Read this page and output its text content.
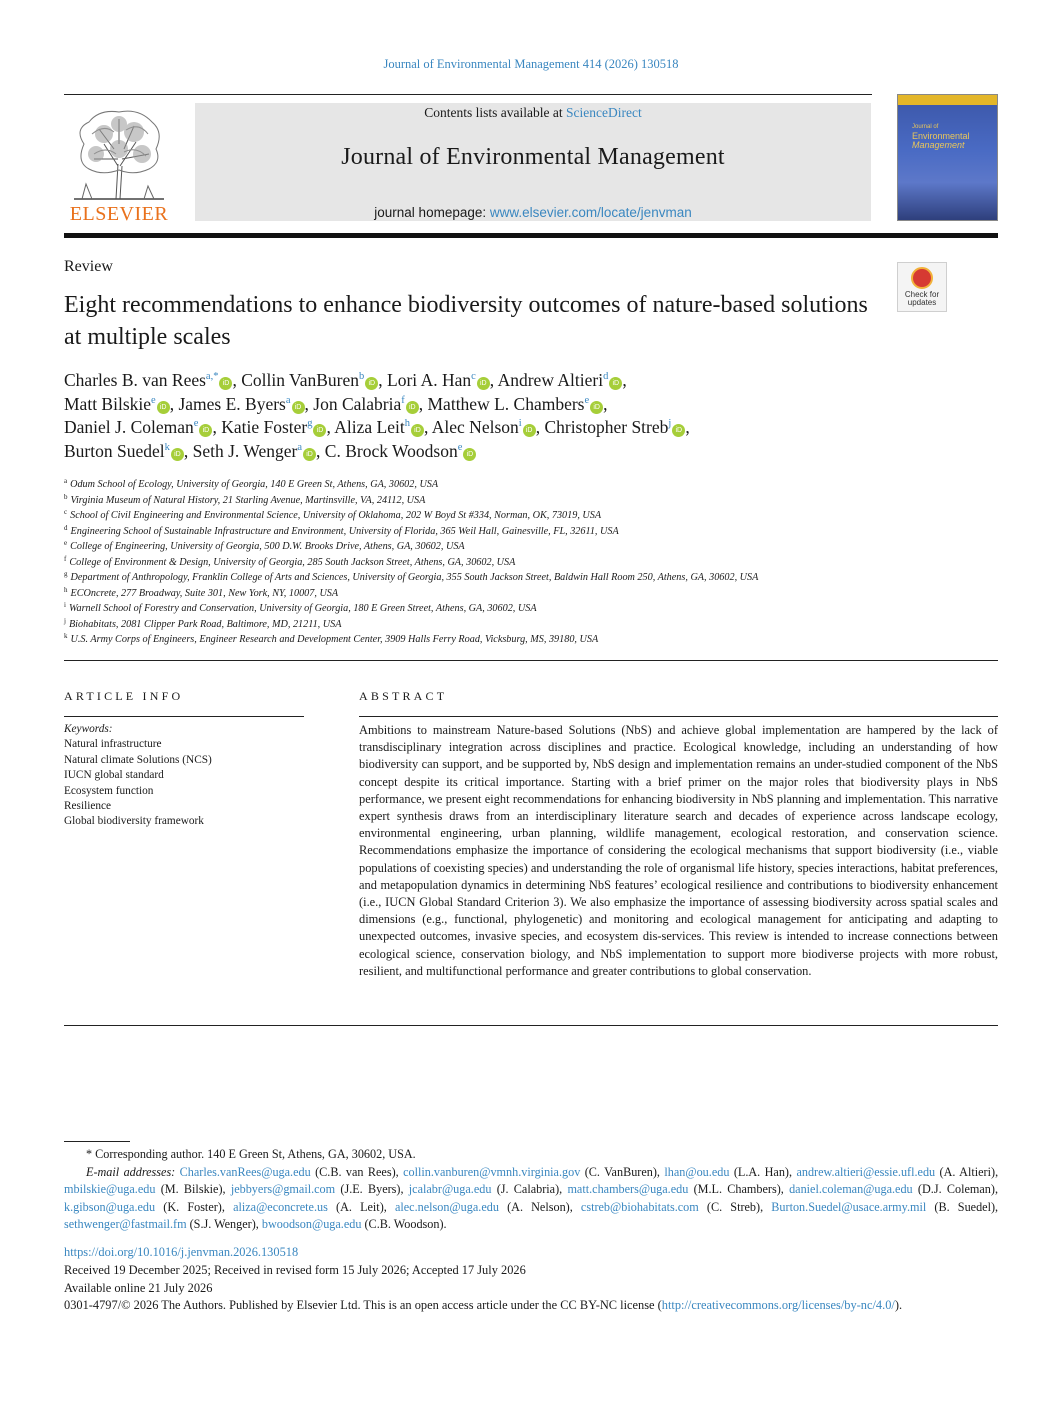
Journal of Environmental Management 414 (2026) 130518
ELSEVIER
Contents lists available at ScienceDirect
Journal of Environmental Management
journal homepage: www.elsevier.com/locate/jenvman
Journal of
Environmental
Management
Review
Check for
updates
Eight recommendations to enhance biodiversity outcomes of nature-based solutions at multiple scales
Charles B. van Rees$^{a,*}$iD , Collin VanBuren$^b$iD , Lori A. Han$^c$iD , Andrew Altieri$^d$iD ,
Matt Bilskie$^e$iD , James E. Byers$^a$iD , Jon Calabria$^f$iD , Matthew L. Chambers$^e$iD ,
Daniel J. Coleman$^e$iD , Katie Foster$^g$iD , Aliza Leit$^h$iD , Alec Nelson$^i$iD , Christopher Streb$^j$iD ,
Burton Suedel$^k$iD , Seth J. Wenger$^a$iD , C. Brock Woodson$^e$iD
$^a$ Odum School of Ecology, University of Georgia, 140 E Green St, Athens, GA, 30602, USA
$^b$ Virginia Museum of Natural History, 21 Starling Avenue, Martinsville, VA, 24112, USA
$^c$ School of Civil Engineering and Environmental Science, University of Oklahoma, 202 W Boyd St #334, Norman, OK, 73019, USA
$^d$ Engineering School of Sustainable Infrastructure and Environment, University of Florida, 365 Weil Hall, Gainesville, FL, 32611, USA
$^e$ College of Engineering, University of Georgia, 500 D.W. Brooks Drive, Athens, GA, 30602, USA
$^f$ College of Environment & Design, University of Georgia, 285 South Jackson Street, Athens, GA, 30602, USA
$^g$ Department of Anthropology, Franklin College of Arts and Sciences, University of Georgia, 355 South Jackson Street, Baldwin Hall Room 250, Athens, GA, 30602, USA
$^h$ ECOncrete, 277 Broadway, Suite 301, New York, NY, 10007, USA
$^i$ Warnell School of Forestry and Conservation, University of Georgia, 180 E Green Street, Athens, GA, 30602, USA
$^j$ Biohabitats, 2081 Clipper Park Road, Baltimore, MD, 21211, USA
$^k$ U.S. Army Corps of Engineers, Engineer Research and Development Center, 3909 Halls Ferry Road, Vicksburg, MS, 39180, USA
ARTICLE INFO	ABSTRACT
Keywords:
Natural infrastructure
Natural climate Solutions (NCS)
IUCN global standard
Ecosystem function
Resilience
Global biodiversity framework
Ambitions to mainstream Nature-based Solutions (NbS) and achieve global implementation are hampered by the lack of transdisciplinary integration across disciplines and practice. Ecological knowledge, including an understanding of how biodiversity can support, and be supported by, NbS design and implementation remains an under-studied component of the NbS concept despite its critical importance. Starting with a brief primer on the major roles that biodiversity plays in NbS performance, we present eight recommendations for enhancing biodiversity in NbS planning and implementation. This narrative expert synthesis draws from an interdisciplinary literature search and decades of experience across landscape ecology, environmental engineering, urban planning, wildlife management, ecological restoration, and conservation science. Recommendations emphasize the importance of considering the ecological mechanisms that support biodiversity (i.e., viable populations of coexisting species) and understanding the role of organismal life history, species interactions, habitat preferences, and metapopulation dynamics in determining NbS features’ ecological resilience and contributions to biodiversity enhancement (i.e., IUCN Global Standard Criterion 3). We also emphasize the importance of assessing biodiversity across spatial scales and dimensions (e.g., functional, phylogenetic) and monitoring and ecological management for anticipating and adapting to unexpected outcomes, invasive species, and ecosystem dis-services. This review is intended to increase connections between ecological science, conservation biology, and NbS implementation to support more biodiverse projects with more robust, resilient, and multifunctional performance and greater contributions to global conservation.
* Corresponding author. 140 E Green St, Athens, GA, 30602, USA.
E-mail addresses: Charles.vanRees@uga.edu (C.B. van Rees), collin.vanburen@vmnh.virginia.gov (C. VanBuren), lhan@ou.edu (L.A. Han), andrew.altieri@essie.ufl.edu (A. Altieri), mbilskie@uga.edu (M. Bilskie), jebbyers@gmail.com (J.E. Byers), jcalabr@uga.edu (J. Calabria), matt.chambers@uga.edu (M.L. Chambers), daniel.coleman@uga.edu (D.J. Coleman), k.gibson@uga.edu (K. Foster), aliza@econcrete.us (A. Leit), alec.nelson@uga.edu (A. Nelson), cstreb@biohabitats.com (C. Streb), Burton.Suedel@usace.army.mil (B. Suedel), sethwenger@fastmail.fm (S.J. Wenger), bwoodson@uga.edu (C.B. Woodson).
https://doi.org/10.1016/j.jenvman.2026.130518
Received 19 December 2025; Received in revised form 15 July 2026; Accepted 17 July 2026
Available online 21 July 2026
0301-4797/© 2026 The Authors. Published by Elsevier Ltd. This is an open access article under the CC BY-NC license (http://creativecommons.org/licenses/by-nc/4.0/).
